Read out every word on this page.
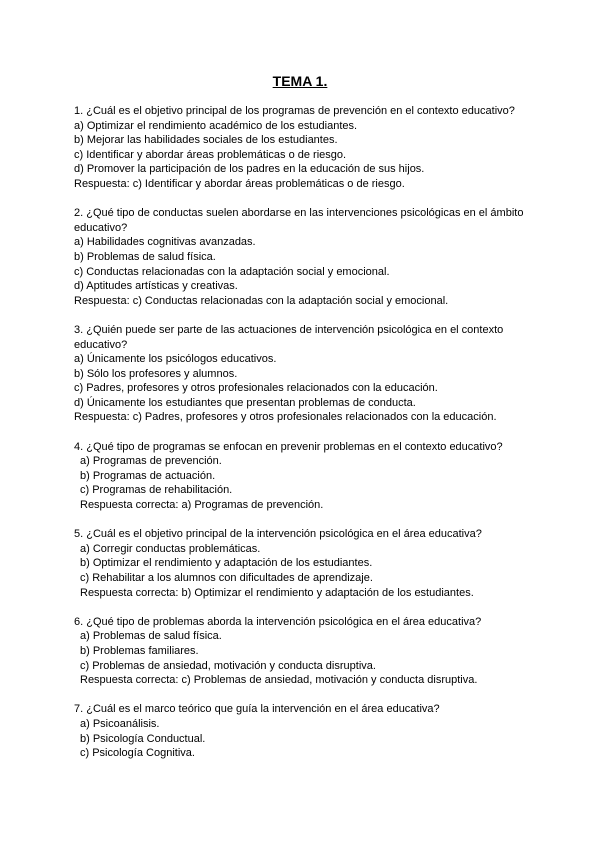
TEMA 1.
1. ¿Cuál es el objetivo principal de los programas de prevención en el contexto educativo?
a) Optimizar el rendimiento académico de los estudiantes.
b) Mejorar las habilidades sociales de los estudiantes.
c) Identificar y abordar áreas problemáticas o de riesgo.
d) Promover la participación de los padres en la educación de sus hijos.
Respuesta: c) Identificar y abordar áreas problemáticas o de riesgo.
2. ¿Qué tipo de conductas suelen abordarse en las intervenciones psicológicas en el ámbito educativo?
a) Habilidades cognitivas avanzadas.
b) Problemas de salud física.
c) Conductas relacionadas con la adaptación social y emocional.
d) Aptitudes artísticas y creativas.
Respuesta: c) Conductas relacionadas con la adaptación social y emocional.
3. ¿Quién puede ser parte de las actuaciones de intervención psicológica en el contexto educativo?
a) Únicamente los psicólogos educativos.
b) Sólo los profesores y alumnos.
c) Padres, profesores y otros profesionales relacionados con la educación.
d) Únicamente los estudiantes que presentan problemas de conducta.
Respuesta: c) Padres, profesores y otros profesionales relacionados con la educación.
4. ¿Qué tipo de programas se enfocan en prevenir problemas en el contexto educativo?
a) Programas de prevención.
b) Programas de actuación.
c) Programas de rehabilitación.
Respuesta correcta: a) Programas de prevención.
5. ¿Cuál es el objetivo principal de la intervención psicológica en el área educativa?
a) Corregir conductas problemáticas.
b) Optimizar el rendimiento y adaptación de los estudiantes.
c) Rehabilitar a los alumnos con dificultades de aprendizaje.
Respuesta correcta: b) Optimizar el rendimiento y adaptación de los estudiantes.
6. ¿Qué tipo de problemas aborda la intervención psicológica en el área educativa?
a) Problemas de salud física.
b) Problemas familiares.
c) Problemas de ansiedad, motivación y conducta disruptiva.
Respuesta correcta: c) Problemas de ansiedad, motivación y conducta disruptiva.
7. ¿Cuál es el marco teórico que guía la intervención en el área educativa?
a) Psicoanálisis.
b) Psicología Conductual.
c) Psicología Cognitiva.
